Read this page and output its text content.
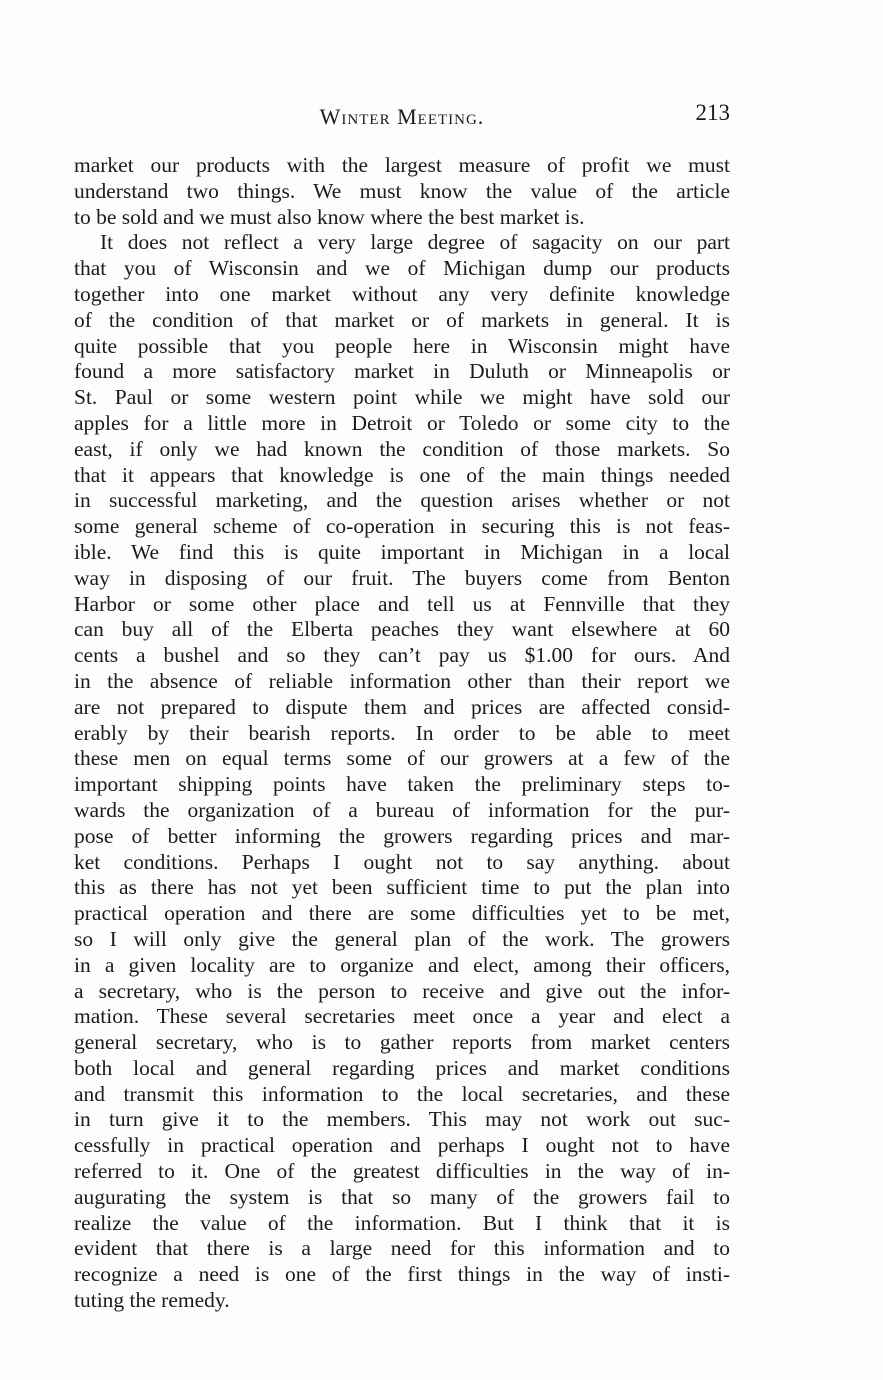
Winter Meeting.	213
market our products with the largest measure of profit we must
understand two things. We must know the value of the article
to be sold and we must also know where the best market is.
It does not reflect a very large degree of sagacity on our part
that you of Wisconsin and we of Michigan dump our products
together into one market without any very definite knowledge
of the condition of that market or of markets in general. It is
quite possible that you people here in Wisconsin might have
found a more satisfactory market in Duluth or Minneapolis or
St. Paul or some western point while we might have sold our
apples for a little more in Detroit or Toledo or some city to the
east, if only we had known the condition of those markets. So
that it appears that knowledge is one of the main things needed
in successful marketing, and the question arises whether or not
some general scheme of co-operation in securing this is not feas-
ible. We find this is quite important in Michigan in a local
way in disposing of our fruit. The buyers come from Benton
Harbor or some other place and tell us at Fennville that they
can buy all of the Elberta peaches they want elsewhere at 60
cents a bushel and so they can’t pay us $1.00 for ours. And
in the absence of reliable information other than their report we
are not prepared to dispute them and prices are affected consid-
erably by their bearish reports. In order to be able to meet
these men on equal terms some of our growers at a few of the
important shipping points have taken the preliminary steps to-
wards the organization of a bureau of information for the pur-
pose of better informing the growers regarding prices and mar-
ket conditions. Perhaps I ought not to say anything. about
this as there has not yet been sufficient time to put the plan into
practical operation and there are some difficulties yet to be met,
so I will only give the general plan of the work. The growers
in a given locality are to organize and elect, among their officers,
a secretary, who is the person to receive and give out the infor-
mation. These several secretaries meet once a year and elect a
general secretary, who is to gather reports from market centers
both local and general regarding prices and market conditions
and transmit this information to the local secretaries, and these
in turn give it to the members. This may not work out suc-
cessfully in practical operation and perhaps I ought not to have
referred to it. One of the greatest difficulties in the way of in-
augurating the system is that so many of the growers fail to
realize the value of the information. But I think that it is
evident that there is a large need for this information and to
recognize a need is one of the first things in the way of insti-
tuting the remedy.
